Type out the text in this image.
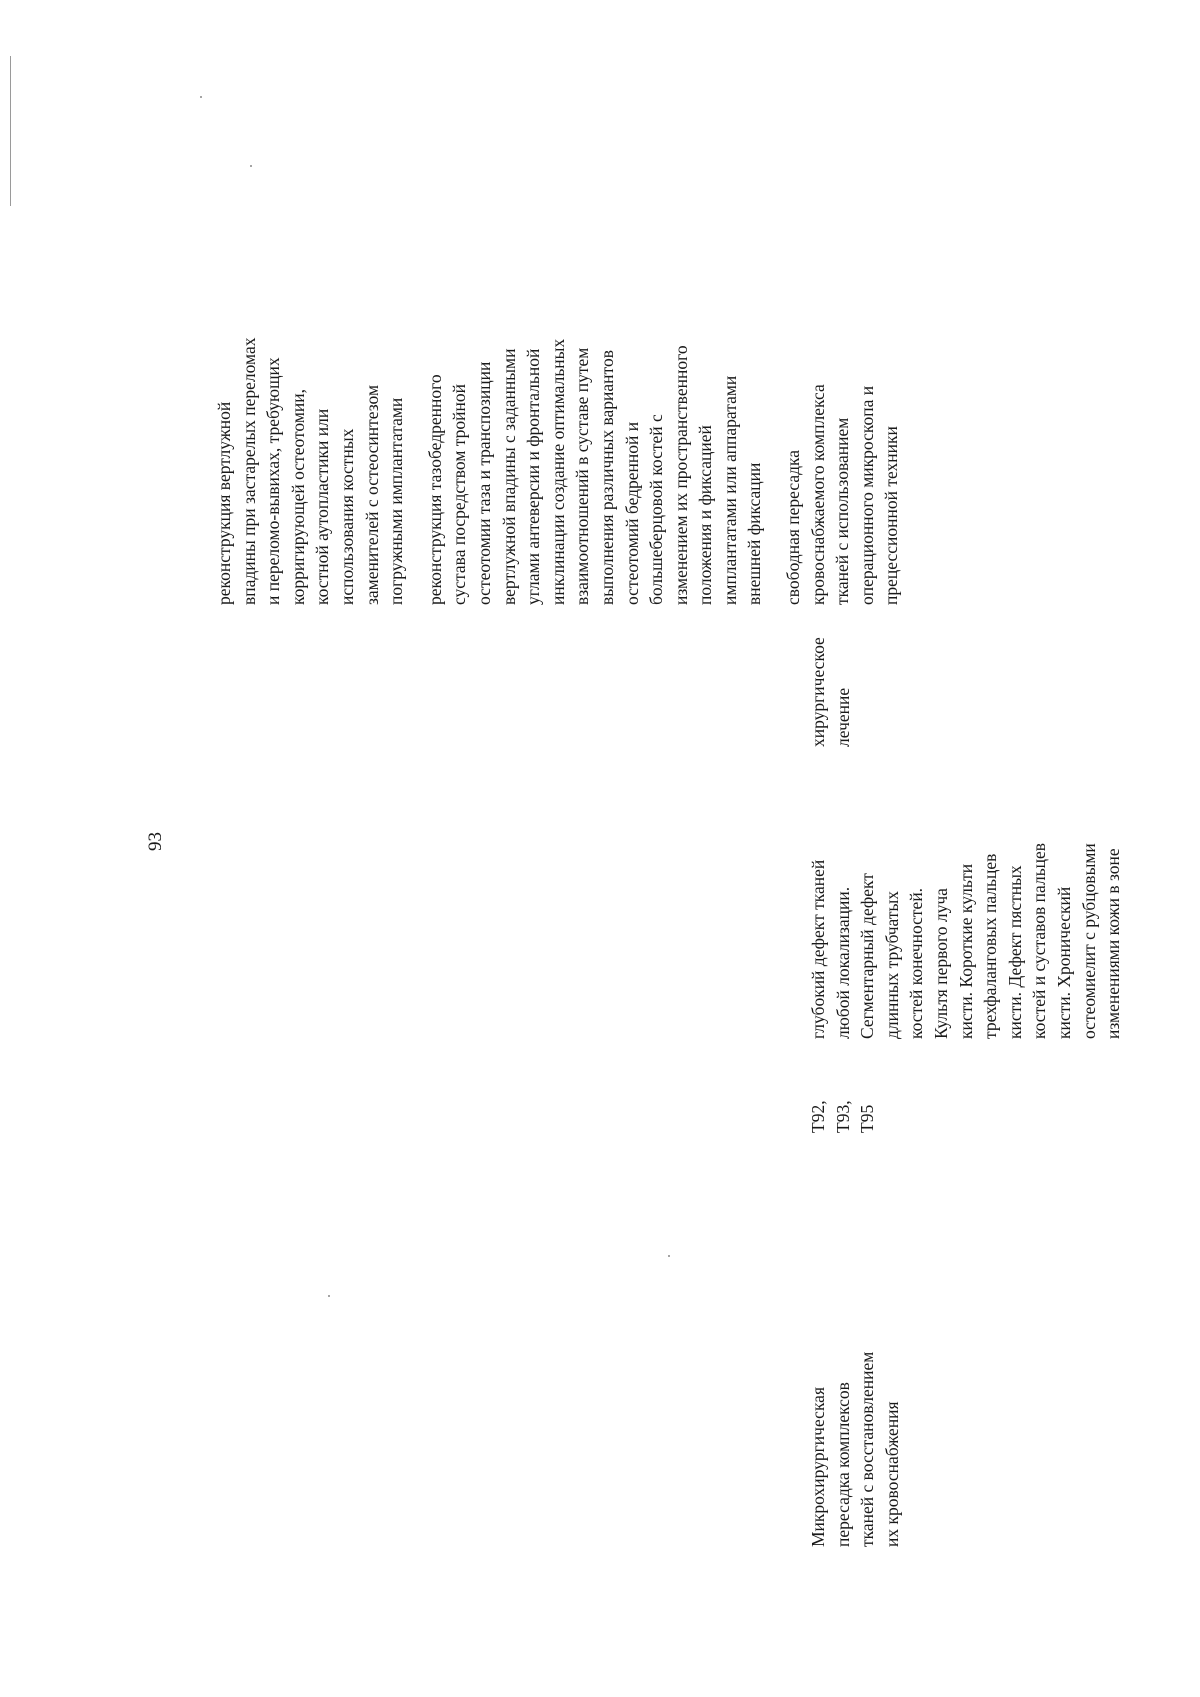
93
Микрохирургическая пересадка комплексов тканей с восстановлением их кровоснабжения
T92, T93, T95
глубокий дефект тканей любой локализации. Сегментарный дефект длинных трубчатых костей конечностей. Культя первого луча кисти. Короткие культи трехфаланговых пальцев кисти. Дефект пястных костей и суставов пальцев кисти. Хронический остеомиелит с рубцовыми изменениями кожи в зоне
хирургическое лечение
реконструкция вертлужной впадины при застарелых переломах и переломо-вывихах, требующих корригирующей остеотомии, костной аутопластики или использования костных заменителей с остеосинтезом погружными имплантатами реконструкция тазобедренного сустава посредством тройной остеотомии таза и транспозиции вертлужной впадины с заданными углами антеверсии и фронтальной инклинации создание оптимальных взаимоотношений в суставе путем выполнения различных вариантов остеотомий бедренной и большеберцовой костей с изменением их пространственного положения и фиксацией имплантатами или аппаратами внешней фиксации свободная пересадка кровоснабжаемого комплекса тканей с использованием операционного микроскопа и прецессионной техники
